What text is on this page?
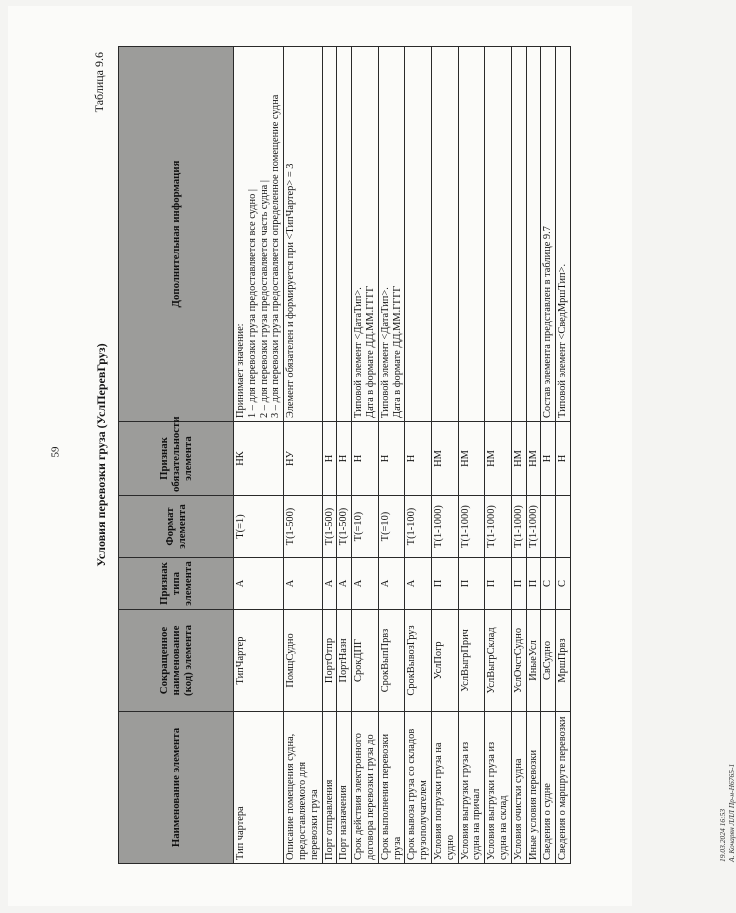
59
Таблица 9.6
Условия перевозки груза (УслПеревГруз)
Наименование элемента	Сокращенное наименование (код) элемента	Признак типа элемента	Формат элемента	Признак обязательности элемента	Дополнительная информация
Тип чартера	ТипЧартер	А	Т(=1)	НК	Принимает значение:
1 – для перевозки груза предоставляется все судно |
2 – для перевозки груза предоставляется часть судна |
3 – для перевозки груза предоставляется определенное помещение судна
Описание помещения судна, предоставляемого для перевозки груза	ПомщСудно	А	Т(1-500)	НУ	Элемент обязателен и формируется при <ТипЧартер> = 3
Порт отправления	ПортОтпр	А	Т(1-500)	Н	
Порт назначения	ПортНазн	А	Т(1-500)	Н	
Срок действия электронного договора перевозки груза до	СрокДПГ	А	Т(=10)	Н	Типовой элемент <ДатаТип>.
Дата в формате ДД.ММ.ГГГГ
Срок выполнения перевозки груза	СрокВыпПрвз	А	Т(=10)	Н	Типовой элемент <ДатаТип>.
Дата в формате ДД.ММ.ГГГГ
Срок вывоза груза со складов грузополучателем	СрокВывозГруз	А	Т(1-100)	Н	
Условия погрузки груза на судно	УслПогр	П	Т(1-1000)	НМ	
Условия выгрузки груза из судна на причал	УслВыгрПрич	П	Т(1-1000)	НМ	
Условия выгрузки груза из судна на склад	УслВыгрСклад	П	Т(1-1000)	НМ	
Условия очистки судна	УслОчстСудно	П	Т(1-1000)	НМ	
Иные условия перевозки	ИныеУсл	П	Т(1-1000)	НМ	
Сведения о судне	СвСудно	С		Н	Состав элемента представлен в таблице 9.7
Сведения о маршруте перевозки	МршПрвз	С		Н	Типовой элемент <СведМршТип>.
19.03.2024 16:53 А. Кочарян ЛЛЛ Пр-н-Н6765-1
